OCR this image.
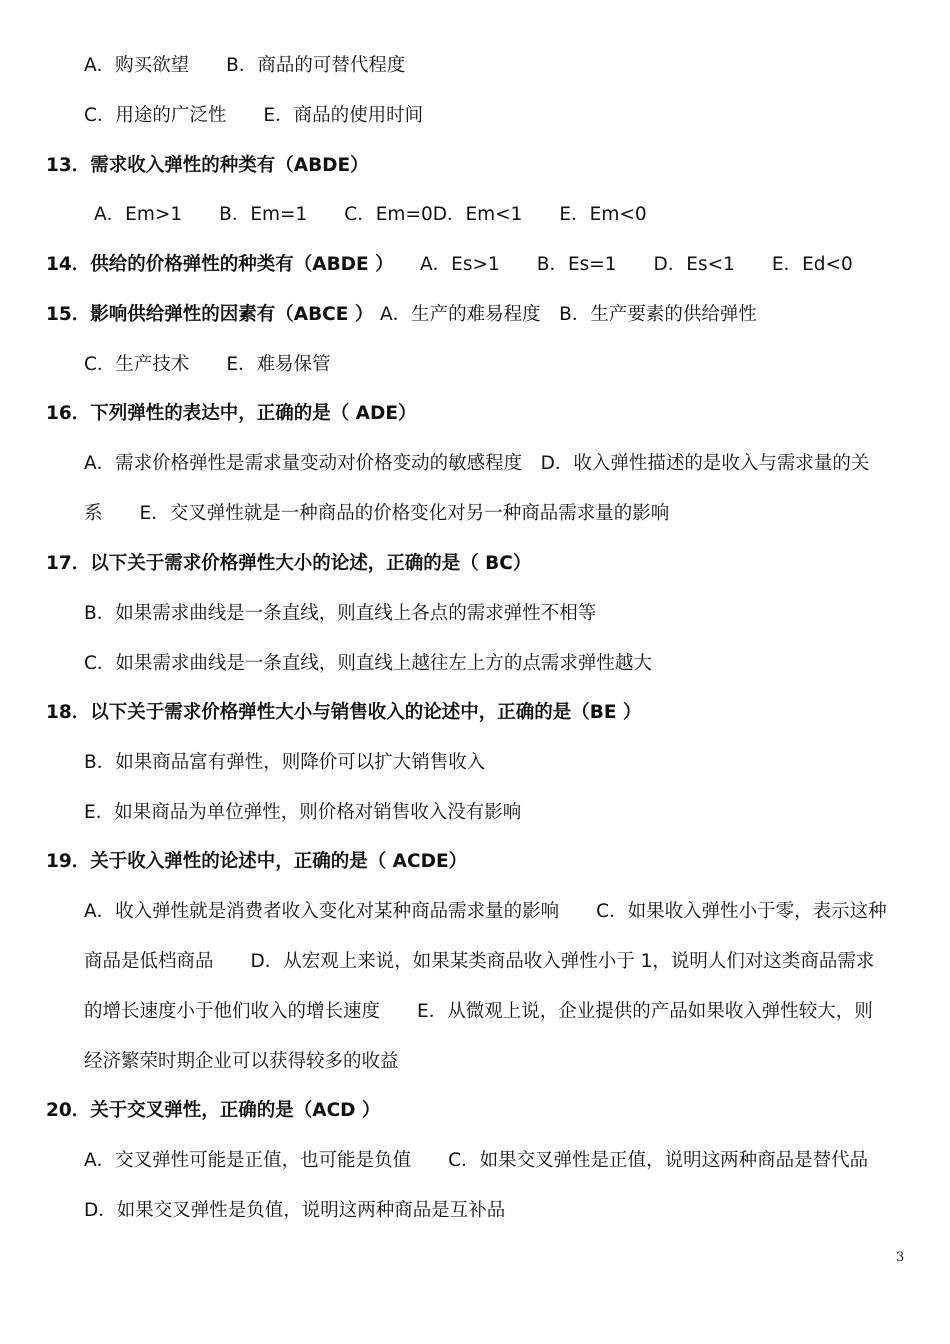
A．购买欲望　　B．商品的可替代程度
C．用途的广泛性　　E．商品的使用时间
13．需求收入弹性的种类有（ABDE）
A．Em>1　　B．Em=1　　C．Em=0D．Em<1　　E．Em<0
14．供给的价格弹性的种类有（ABDE ） A．Es>1　　B．Es=1　　D．Es<1　　E．Ed<0
15．影响供给弹性的因素有（ABCE ） A．生产的难易程度　B．生产要素的供给弹性
C．生产技术　　E．难易保管
16．下列弹性的表达中，正确的是（ ADE）
A．需求价格弹性是需求量变动对价格变动的敏感程度　D．收入弹性描述的是收入与需求量的关
系　　E．交叉弹性就是一种商品的价格变化对另一种商品需求量的影响
17．以下关于需求价格弹性大小的论述，正确的是（ BC）
B．如果需求曲线是一条直线，则直线上各点的需求弹性不相等
C．如果需求曲线是一条直线，则直线上越往左上方的点需求弹性越大
18．以下关于需求价格弹性大小与销售收入的论述中，正确的是（BE ）
B．如果商品富有弹性，则降价可以扩大销售收入
E．如果商品为单位弹性，则价格对销售收入没有影响
19．关于收入弹性的论述中，正确的是（ ACDE）
A．收入弹性就是消费者收入变化对某种商品需求量的影响　　C．如果收入弹性小于零，表示这种
商品是低档商品　　D．从宏观上来说，如果某类商品收入弹性小于 1，说明人们对这类商品需求
的增长速度小于他们收入的增长速度　　E．从微观上说，企业提供的产品如果收入弹性较大，则
经济繁荣时期企业可以获得较多的收益
20．关于交叉弹性，正确的是（ACD ）
A．交叉弹性可能是正值，也可能是负值　　C．如果交叉弹性是正值，说明这两种商品是替代品
D．如果交叉弹性是负值，说明这两种商品是互补品
3
